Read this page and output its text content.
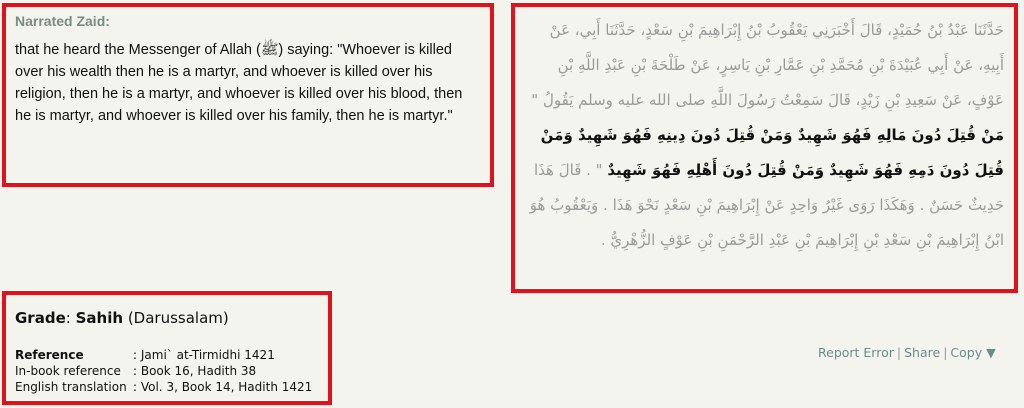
Narrated Zaid:

that he heard the Messenger of Allah (ﷺ) saying: "Whoever is killed over his wealth then he is a martyr, and whoever is killed over his religion, then he is a martyr, and whoever is killed over his blood, then he is martyr, and whoever is killed over his family, then he is martyr."

حَدَّثَنَا عَبْدُ بْنُ حُمَيْدٍ، قَالَ أَخْبَرَنِي يَعْقُوبُ بْنُ إِبْرَاهِيمَ بْنِ سَعْدٍ، حَدَّثَنَا أَبِي، عَنْ أَبِيهِ، عَنْ أَبِي عُبَيْدَةَ بْنِ مُحَمَّدِ بْنِ عَمَّارِ بْنِ يَاسِرٍ، عَنْ طَلْحَةَ بْنِ عَبْدِ اللَّهِ بْنِ عَوْفٍ، عَنْ سَعِيدِ بْنِ زَيْدٍ، قَالَ سَمِعْتُ رَسُولَ اللَّهِ صلى الله عليه وسلم يَقُولُ " مَنْ قُتِلَ دُونَ مَالِهِ فَهُوَ شَهِيدٌ وَمَنْ قُتِلَ دُونَ دِينِهِ فَهُوَ شَهِيدٌ وَمَنْ قُتِلَ دُونَ دَمِهِ فَهُوَ شَهِيدٌ وَمَنْ قُتِلَ دُونَ أَهْلِهِ فَهُوَ شَهِيدٌ " . قَالَ هَذَا حَدِيثٌ حَسَنٌ . وَهَكَذَا رَوَى غَيْرُ وَاحِدٍ عَنْ إِبْرَاهِيمَ بْنِ سَعْدٍ نَحْوَ هَذَا . وَيَعْقُوبُ هُوَ ابْنُ إِبْرَاهِيمَ بْنِ سَعْدِ بْنِ إِبْرَاهِيمَ بْنِ عَبْدِ الرَّحْمَنِ بْنِ عَوْفٍ الزُّهْرِيُّ .

Grade: Sahih (Darussalam)

Reference	: Jami` at-Tirmidhi 1421
In-book reference	: Book 16, Hadith 38
English translation	: Vol. 3, Book 14, Hadith 1421
Report Error | Share | Copy ▼
